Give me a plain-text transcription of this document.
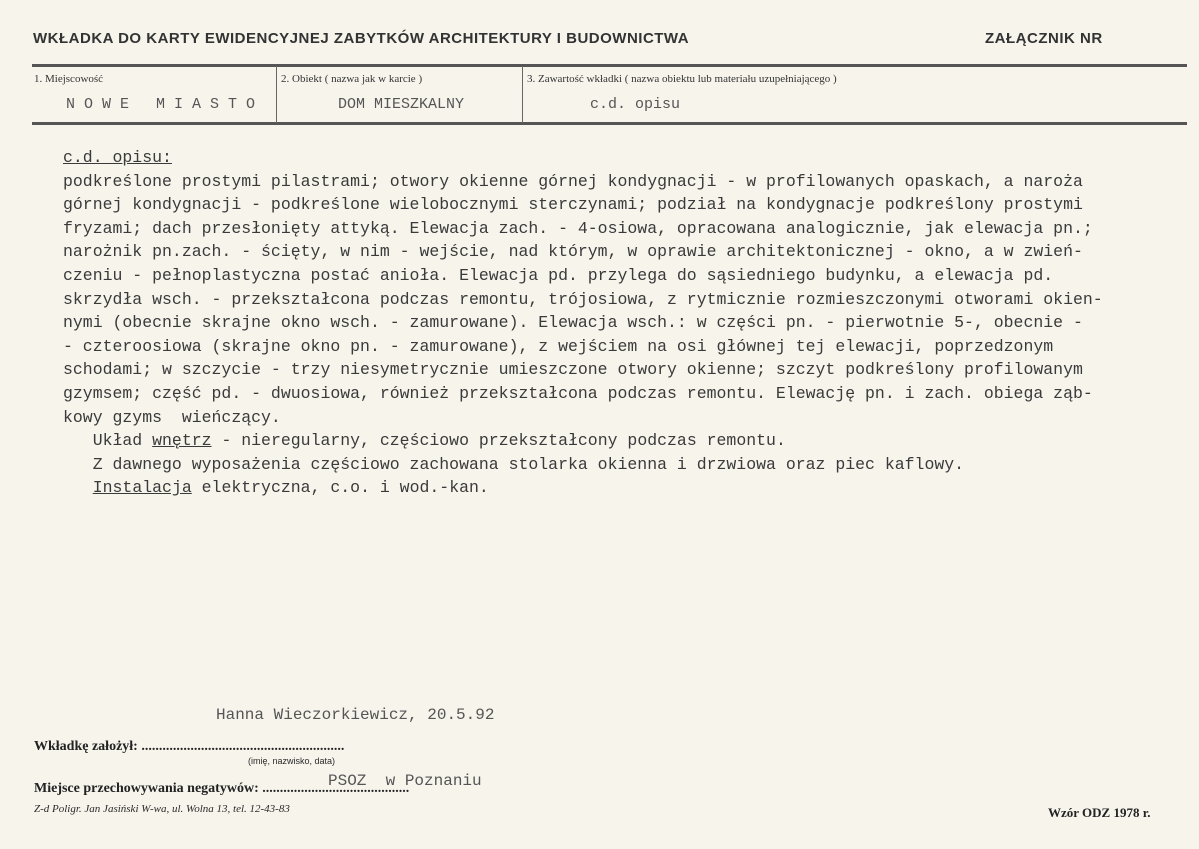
WKŁADKA DO KARTY EWIDENCYJNEJ ZABYTKÓW ARCHITEKTURY I BUDOWNICTWA	ZAŁĄCZNIK NR
1. Miejscowość	2. Obiekt ( nazwa jak w karcie )	3. Zawartość wkładki ( nazwa obiektu lub materiału uzupełniającego )
N O W E   M I A S T O	DOM MIESZKALNY	c.d. opisu
c.d. opisu:
podkreślone prostymi pilastrami; otwory okienne górnej kondygnacji - w profilowanych opaskach, a naroża
górnej kondygnacji - podkreślone wielobocznymi sterczynami; podział na kondygnacje podkreślony prostymi
fryzami; dach przesłonięty attyką. Elewacja zach. - 4-osiowa, opracowana analogicznie, jak elewacja pn.;
narożnik pn.zach. - ścięty, w nim - wejście, nad którym, w oprawie architektonicznej - okno, a w zwień-
czeniu - pełnoplastyczna postać anioła. Elewacja pd. przylega do sąsiedniego budynku, a elewacja pd.
skrzydła wsch. - przekształcona podczas remontu, trójosiowa, z rytmicznie rozmieszczonymi otworami okien-
nymi (obecnie skrajne okno wsch. - zamurowane). Elewacja wsch.: w części pn. - pierwotnie 5-, obecnie -
- czteroosiowa (skrajne okno pn. - zamurowane), z wejściem na osi głównej tej elewacji, poprzedzonym
schodami; w szczycie - trzy niesymetrycznie umieszczone otwory okienne; szczyt podkreślony profilowanym
gzymsem; część pd. - dwuosiowa, również przekształcona podczas remontu. Elewację pn. i zach. obiega ząb-
kowy gzyms  wieńczący.
Układ wnętrz - nieregularny, częściowo przekształcony podczas remontu.
Z dawnego wyposażenia częściowo zachowana stolarka okienna i drzwiowa oraz piec kaflowy.
Instalacja elektryczna, c.o. i wod.-kan.
Hanna Wieczorkiewicz, 20.5.92
Wkładkę założył: ..........................................................
(imię, nazwisko, data)
PSOZ  w Poznaniu
Miejsce przechowywania negatywów: ..........................................
Z-d Poligr. Jan Jasiński W-wa, ul. Wolna 13, tel. 12-43-83	Wzór ODZ 1978 r.
